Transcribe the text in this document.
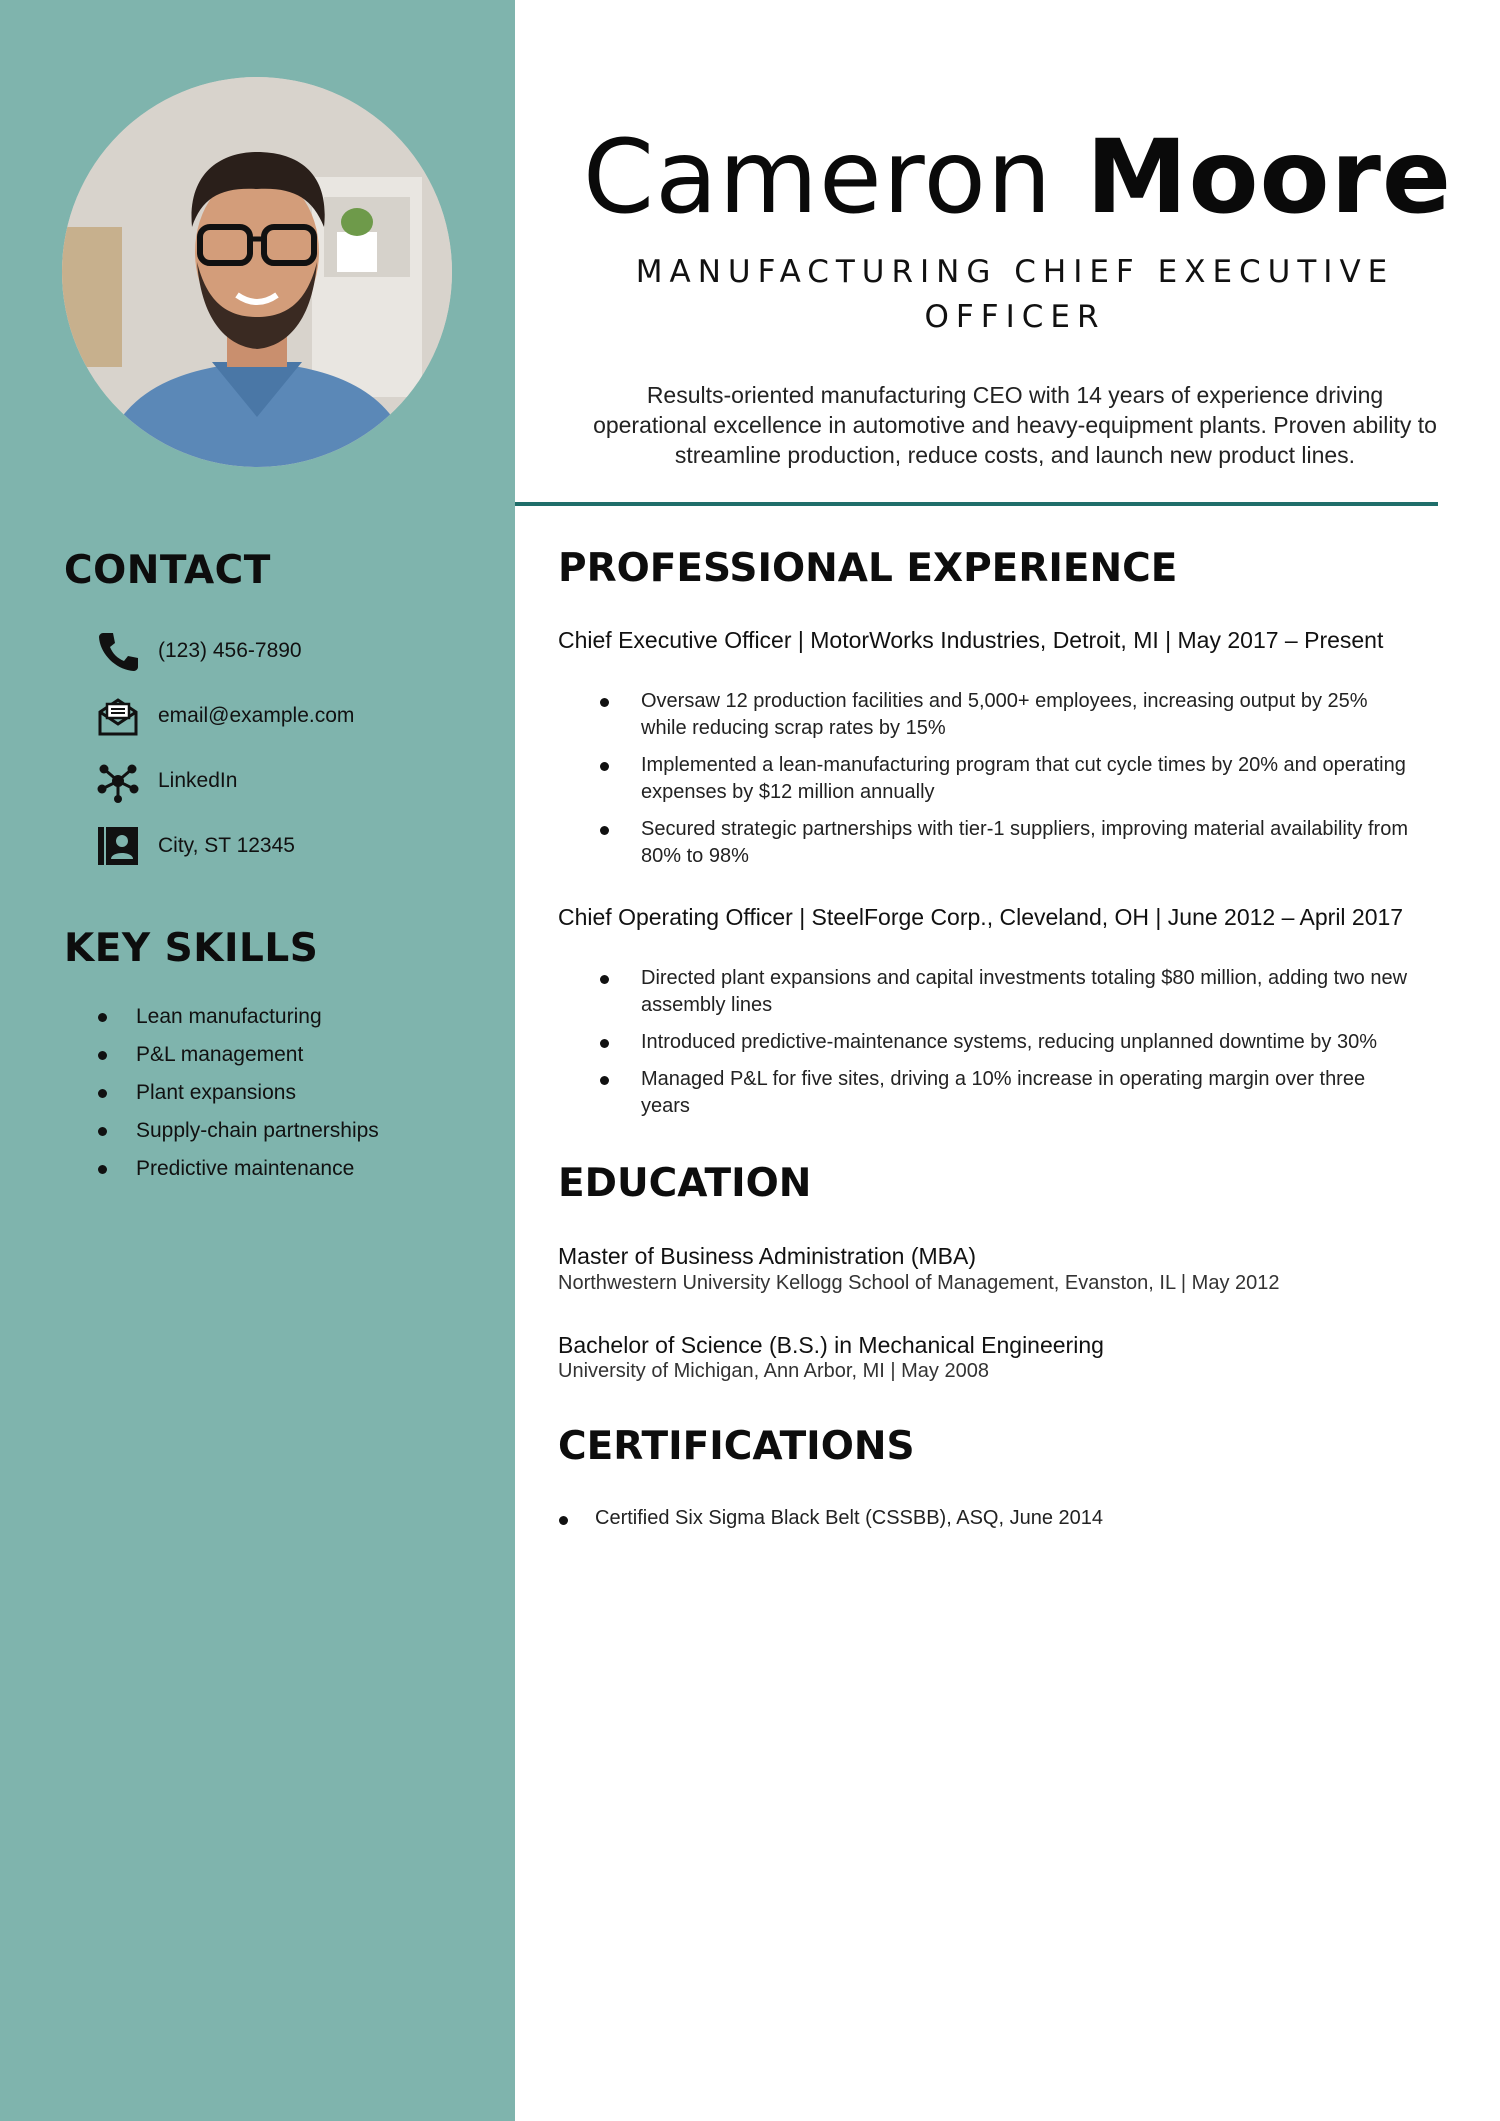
CONTACT
(123) 456-7890
email@example.com
LinkedIn
City, ST 12345
KEY SKILLS
Lean manufacturing
P&L management
Plant expansions
Supply-chain partnerships
Predictive maintenance
Cameron Moore
MANUFACTURING CHIEF EXECUTIVE OFFICER
Results-oriented manufacturing CEO with 14 years of experience driving operational excellence in automotive and heavy-equipment plants. Proven ability to streamline production, reduce costs, and launch new product lines.
PROFESSIONAL EXPERIENCE
Chief Executive Officer | MotorWorks Industries, Detroit, MI | May 2017 – Present
Oversaw 12 production facilities and 5,000+ employees, increasing output by 25% while reducing scrap rates by 15%
Implemented a lean-manufacturing program that cut cycle times by 20% and operating expenses by $12 million annually
Secured strategic partnerships with tier-1 suppliers, improving material availability from 80% to 98%
Chief Operating Officer | SteelForge Corp., Cleveland, OH | June 2012 – April 2017
Directed plant expansions and capital investments totaling $80 million, adding two new assembly lines
Introduced predictive-maintenance systems, reducing unplanned downtime by 30%
Managed P&L for five sites, driving a 10% increase in operating margin over three years
EDUCATION
Master of Business Administration (MBA)
Northwestern University Kellogg School of Management, Evanston, IL | May 2012
Bachelor of Science (B.S.) in Mechanical Engineering
University of Michigan, Ann Arbor, MI | May 2008
CERTIFICATIONS
Certified Six Sigma Black Belt (CSSBB), ASQ, June 2014
